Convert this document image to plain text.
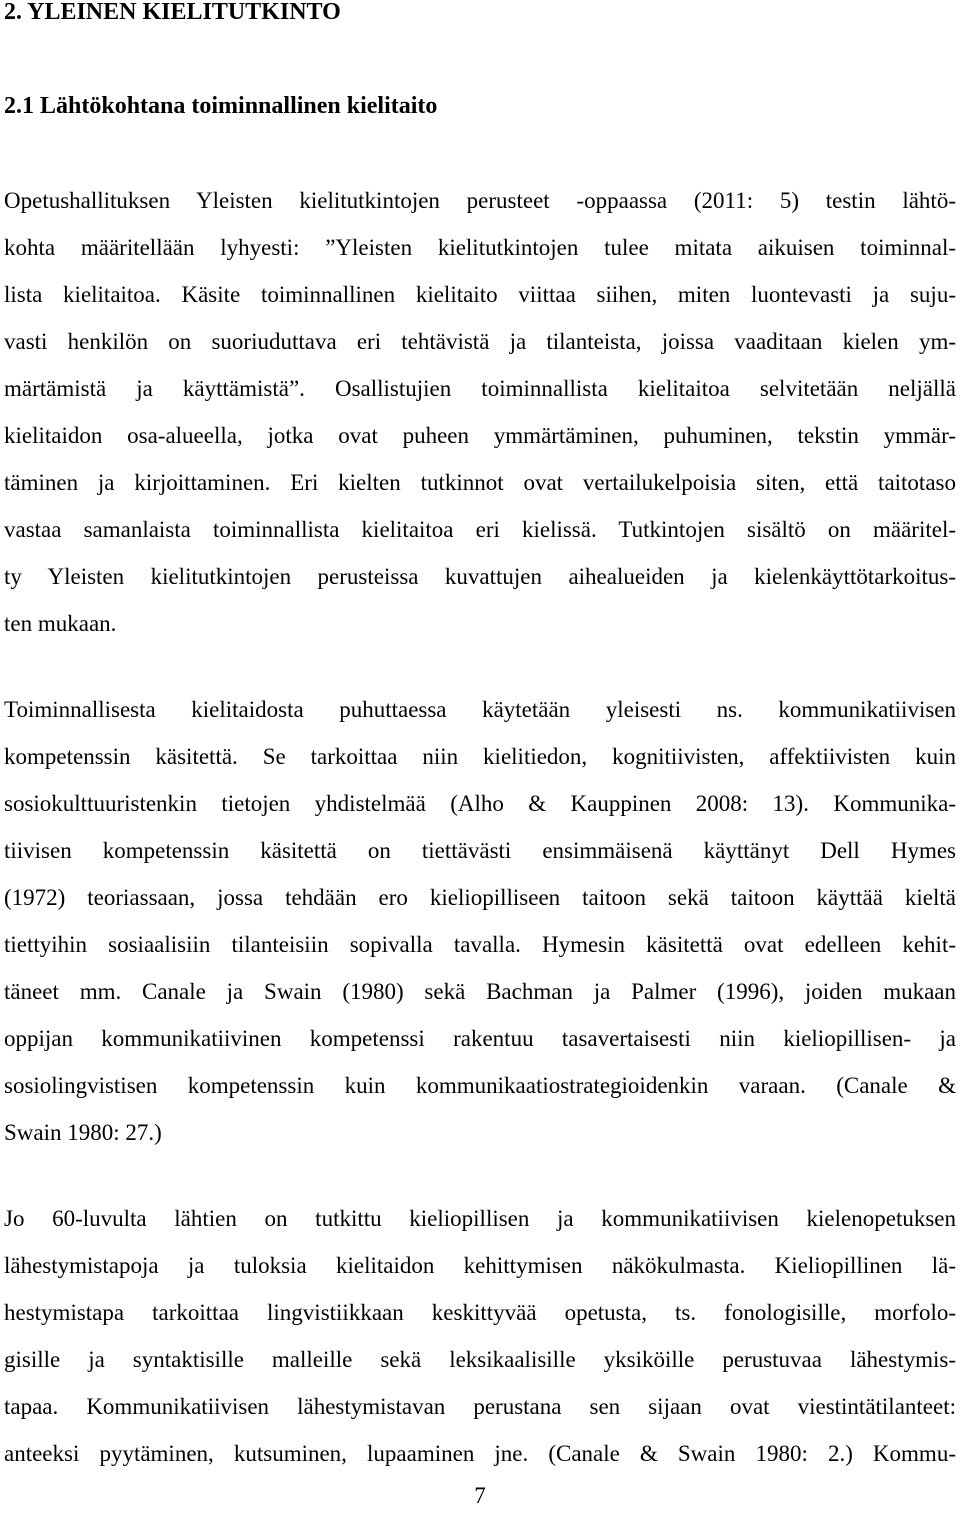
2. YLEINEN KIELITUTKINTO
2.1 Lähtökohtana toiminnallinen kielitaito
Opetushallituksen Yleisten kielitutkintojen perusteet -oppaassa (2011: 5) testin lähtö-
kohta määritellään lyhyesti: ”Yleisten kielitutkintojen tulee mitata aikuisen toiminnal-
lista kielitaitoa. Käsite toiminnallinen kielitaito viittaa siihen, miten luontevasti ja suju-
vasti henkilön on suoriuduttava eri tehtävistä ja tilanteista, joissa vaaditaan kielen ym-
märtämistä ja käyttämistä”. Osallistujien toiminnallista kielitaitoa selvitetään neljällä
kielitaidon osa-alueella, jotka ovat puheen ymmärtäminen, puhuminen, tekstin ymmär-
täminen ja kirjoittaminen. Eri kielten tutkinnot ovat vertailukelpoisia siten, että taitotaso
vastaa samanlaista toiminnallista kielitaitoa eri kielissä. Tutkintojen sisältö on määritel-
ty Yleisten kielitutkintojen perusteissa kuvattujen aihealueiden ja kielenkäyttötarkoitus-
ten mukaan.
Toiminnallisesta kielitaidosta puhuttaessa käytetään yleisesti ns. kommunikatiivisen
kompetenssin käsitettä. Se tarkoittaa niin kielitiedon, kognitiivisten, affektiivisten kuin
sosiokulttuuristenkin tietojen yhdistelmää (Alho & Kauppinen 2008: 13). Kommunika-
tiivisen kompetenssin käsitettä on tiettävästi ensimmäisenä käyttänyt Dell Hymes
(1972) teoriassaan, jossa tehdään ero kieliopilliseen taitoon sekä taitoon käyttää kieltä
tiettyihin sosiaalisiin tilanteisiin sopivalla tavalla. Hymesin käsitettä ovat edelleen kehit-
täneet mm. Canale ja Swain (1980) sekä Bachman ja Palmer (1996), joiden mukaan
oppijan kommunikatiivinen kompetenssi rakentuu tasavertaisesti niin kieliopillisen- ja
sosiolingvistisen kompetenssin kuin kommunikaatiostrategioidenkin varaan. (Canale &
Swain 1980: 27.)
Jo 60-luvulta lähtien on tutkittu kieliopillisen ja kommunikatiivisen kielenopetuksen
lähestymistapoja ja tuloksia kielitaidon kehittymisen näkökulmasta. Kieliopillinen lä-
hestymistapa tarkoittaa lingvistiikkaan keskittyvää opetusta, ts. fonologisille, morfolo-
gisille ja syntaktisille malleille sekä leksikaalisille yksiköille perustuvaa lähestymis-
tapaa. Kommunikatiivisen lähestymistavan perustana sen sijaan ovat viestintätilanteet:
anteeksi pyytäminen, kutsuminen, lupaaminen jne. (Canale & Swain 1980: 2.) Kommu-
7
